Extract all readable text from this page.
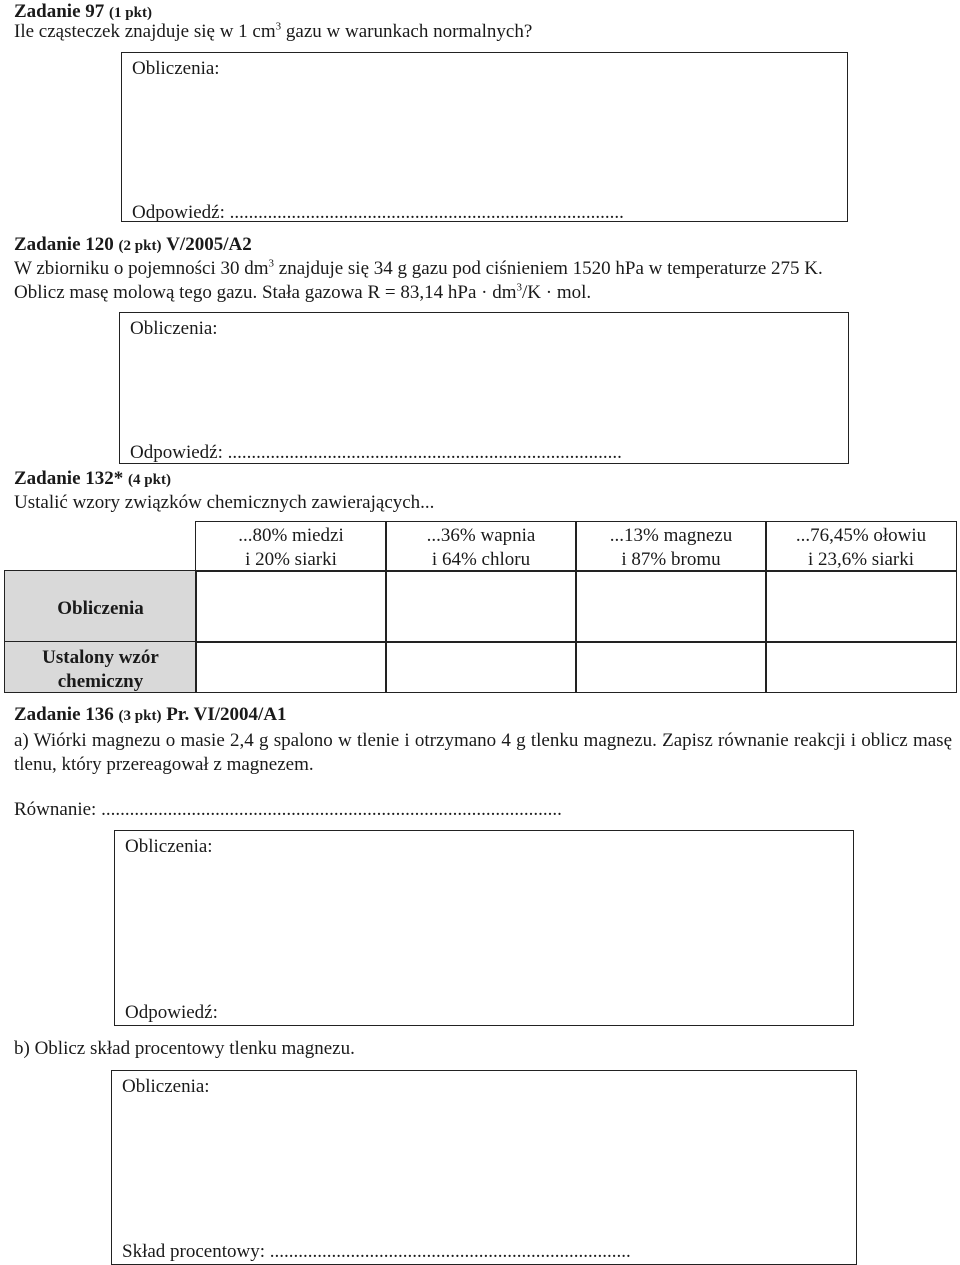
Zadanie 97 (1 pkt)
Ile cząsteczek znajduje się w 1 $cm^3$ gazu w warunkach normalnych?
Obliczenia:
Odpowiedź: ...................................................................................
Zadanie 120 (2 pkt) V/2005/A2
W zbiorniku o pojemności 30 $dm^3$ znajduje się 34 g gazu pod ciśnieniem 1520 hPa w temperaturze 275 K.
Oblicz masę molową tego gazu. Stała gazowa R = 83,14 hPa · $dm^3/K$ · mol.
Obliczenia:
Odpowiedź: ...................................................................................
Zadanie 132* (4 pkt)
Ustalić wzory związków chemicznych zawierających...
...80% miedzi
i 20% siarki
...36% wapnia
i 64% chloru
...13% magnezu
i 87% bromu
...76,45% ołowiu
i 23,6% siarki
Obliczenia
Ustalony wzór
chemiczny
Zadanie 136 (3 pkt) Pr. VI/2004/A1
a) Wiórki magnezu o masie 2,4 g spalono w tlenie i otrzymano 4 g tlenku magnezu. Zapisz równanie reakcji i oblicz masę tlenu, który przereagował z magnezem.
Równanie: .................................................................................................
Obliczenia:
Odpowiedź:
b) Oblicz skład procentowy tlenku magnezu.
Obliczenia:
Skład procentowy: ............................................................................
